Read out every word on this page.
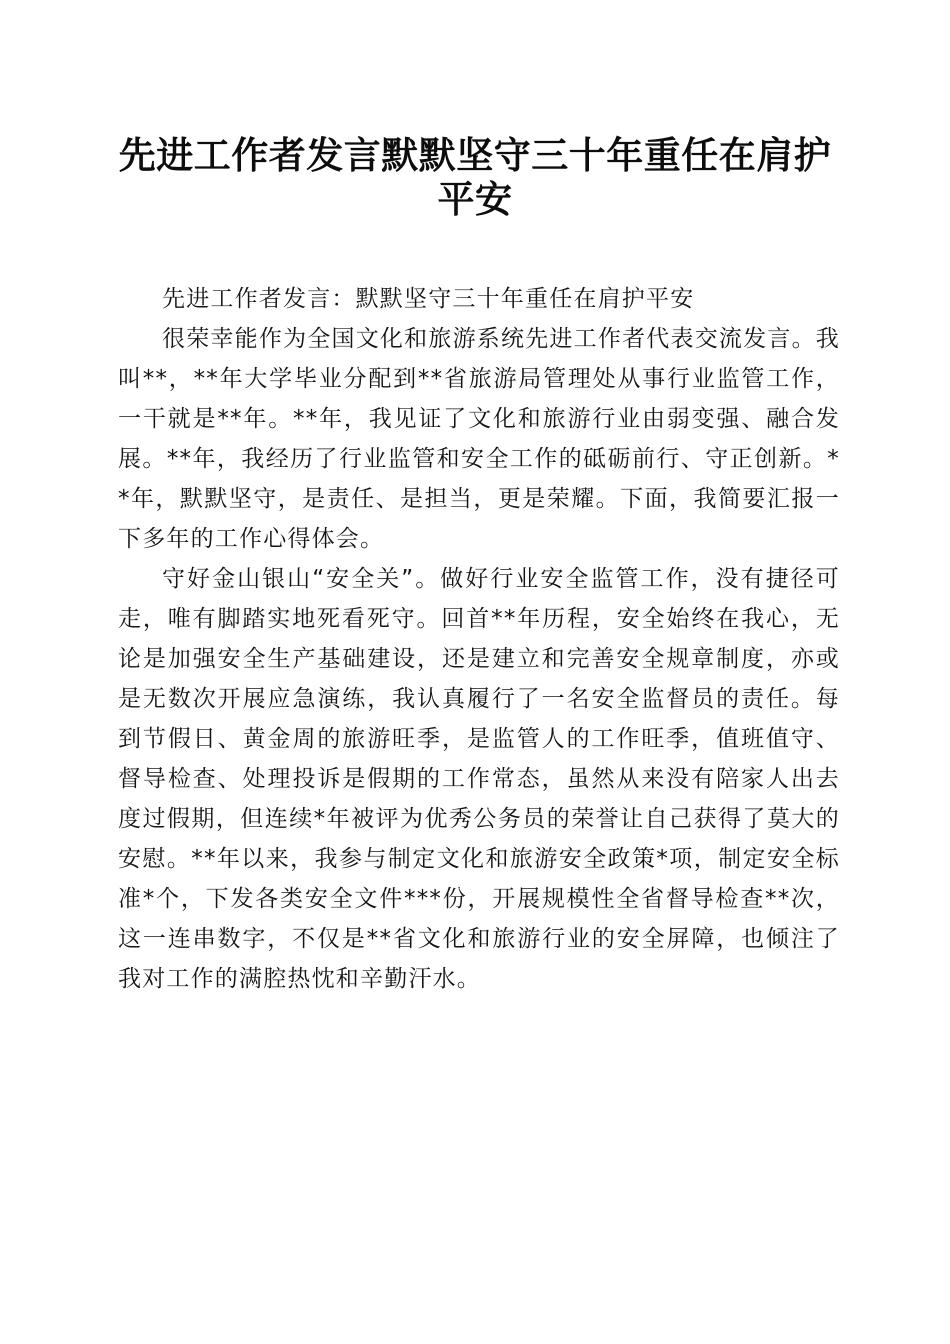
先进工作者发言默默坚守三十年重任在肩护平安

先进工作者发言：默默坚守三十年重任在肩护平安

很荣幸能作为全国文化和旅游系统先进工作者代表交流发言。我叫**，**年大学毕业分配到**省旅游局管理处从事行业监管工作，一干就是**年。**年，我见证了文化和旅游行业由弱变强、融合发展。**年，我经历了行业监管和安全工作的砥砺前行、守正创新。**年，默默坚守，是责任、是担当，更是荣耀。下面，我简要汇报一下多年的工作心得体会。

守好金山银山“安全关”。做好行业安全监管工作，没有捷径可走，唯有脚踏实地死看死守。回首**年历程，安全始终在我心，无论是加强安全生产基础建设，还是建立和完善安全规章制度，亦或是无数次开展应急演练，我认真履行了一名安全监督员的责任。每到节假日、黄金周的旅游旺季，是监管人的工作旺季，值班值守、督导检查、处理投诉是假期的工作常态，虽然从来没有陪家人出去度过假期，但连续*年被评为优秀公务员的荣誉让自己获得了莫大的安慰。**年以来，我参与制定文化和旅游安全政策*项，制定安全标准*个，下发各类安全文件***份，开展规模性全省督导检查**次，这一连串数字，不仅是**省文化和旅游行业的安全屏障，也倾注了我对工作的满腔热忱和辛勤汗水。
